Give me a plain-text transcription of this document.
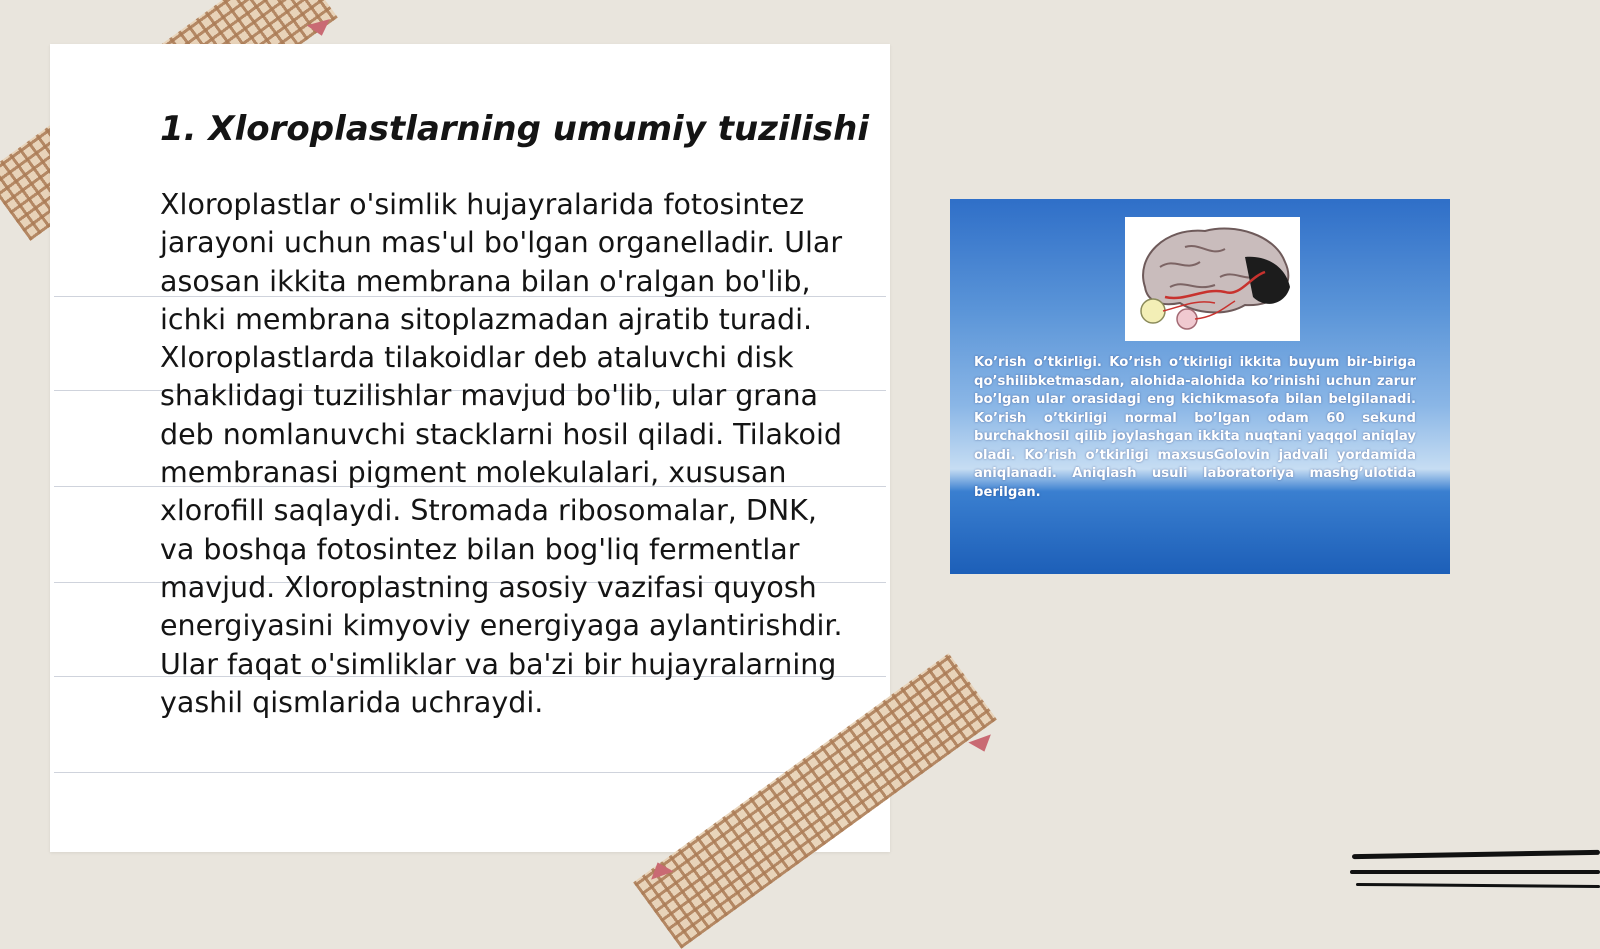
1. Xloroplastlarning umumiy tuzilishi

Xloroplastlar o'simlik hujayralarida fotosintez jarayoni uchun mas'ul bo'lgan organelladir. Ular asosan ikkita membrana bilan o'ralgan bo'lib, ichki membrana sitoplazmadan ajratib turadi. Xloroplastlarda tilakoidlar deb ataluvchi disk shaklidagi tuzilishlar mavjud bo'lib, ular grana deb nomlanuvchi stacklarni hosil qiladi. Tilakoid membranasi pigment molekulalari, xususan xlorofill saqlaydi. Stromada ribosomalar, DNK, va boshqa fotosintez bilan bog'liq fermentlar mavjud. Xloroplastning asosiy vazifasi quyosh energiyasini kimyoviy energiyaga aylantirishdir. Ular faqat o'simliklar va ba'zi bir hujayralarning yashil qismlarida uchraydi.

Ko’rish o’tkirligi. Ko’rish o’tkirligi ikkita buyum bir-biriga qo’shilibketmasdan, alohida-alohida ko’rinishi uchun zarur bo’lgan ular orasidagi eng kichikmasofa bilan belgilanadi. Ko’rish o’tkirligi normal bo’lgan odam 60 sekund burchakhosil qilib joylashgan ikkita nuqtani yaqqol aniqlay oladi. Ko’rish o’tkirligi maxsusGolovin jadvali yordamida aniqlanadi. Aniqlash usuli laboratoriya mashg’ulotida berilgan.
